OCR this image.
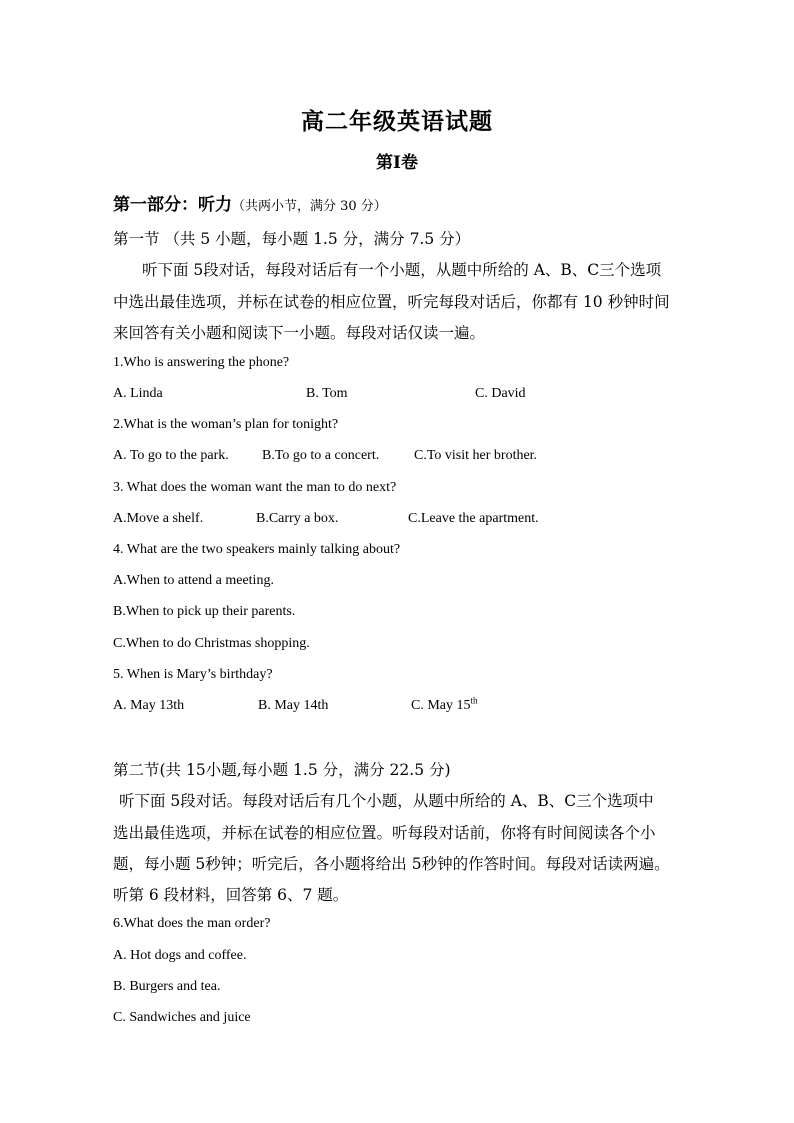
高二年级英语试题
第Ⅰ卷
第一部分：听力（共两小节，满分 30 分）
第一节 （共 5 小题，每小题 1.5 分，满分 7.5 分）
听下面 5段对话，每段对话后有一个小题，从题中所给的 A、B、C三个选项
中选出最佳选项，并标在试卷的相应位置，听完每段对话后，你都有 10 秒钟时间
来回答有关小题和阅读下一小题。每段对话仅读一遍。
1.Who is answering the phone?
A. Linda	B. Tom	C. David
2.What is the woman’s plan for tonight?
A. To go to the park. B.To go to a concert. C.To visit her brother.
3. What does the woman want the man to do next?
A.Move a shelf.	B.Carry a box.	C.Leave the apartment.
4. What are the two speakers mainly talking about?
A.When to attend a meeting.
B.When to pick up their parents.
C.When to do Christmas shopping.
5. When is Mary’s birthday?
A. May 13th	B. May 14th	C. May 15th
第二节(共 15小题,每小题 1.5 分，满分 22.5 分)
听下面 5段对话。每段对话后有几个小题，从题中所给的 A、B、C三个选项中
选出最佳选项，并标在试卷的相应位置。听每段对话前，你将有时间阅读各个小
题，每小题 5秒钟；听完后，各小题将给出 5秒钟的作答时间。每段对话读两遍。
听第 6 段材料，回答第 6、7 题。
6.What does the man order?
A. Hot dogs and coffee.
B. Burgers and tea.
C. Sandwiches and juice
